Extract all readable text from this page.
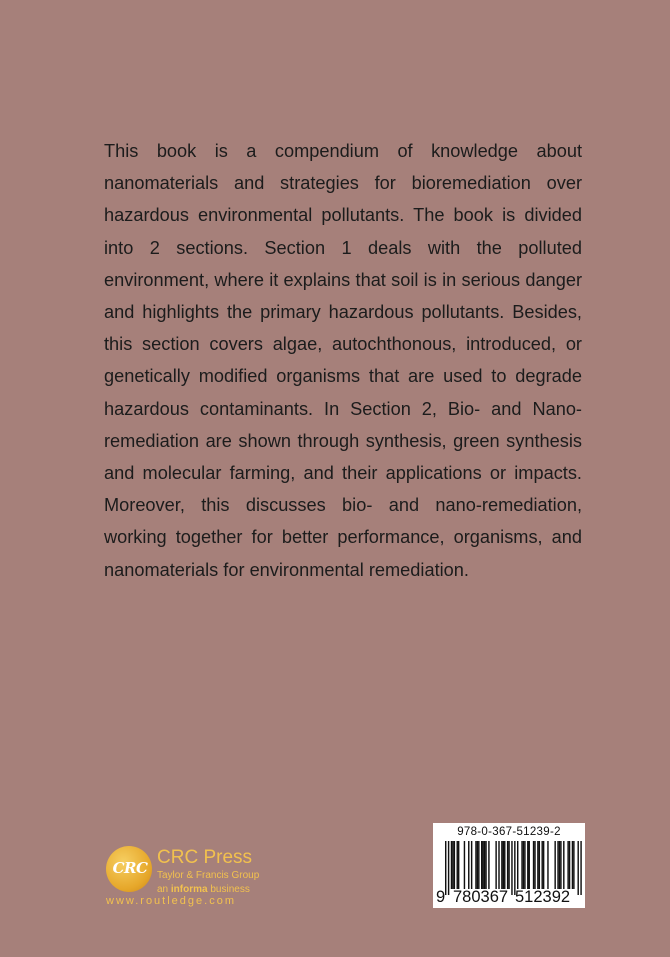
This book is a compendium of knowledge about nanomaterials and strategies for bioremediation over hazardous environmental pollutants. The book is divided into 2 sections. Section 1 deals with the polluted environment, where it explains that soil is in serious danger and highlights the primary hazardous pollutants. Besides, this section covers algae, autochthonous, introduced, or genetically modified organisms that are used to degrade hazardous contaminants. In Section 2, Bio- and Nano-remediation are shown through synthesis, green synthesis and molecular farming, and their applications or impacts. Moreover, this discusses bio- and nano-remediation, working together for better performance, organisms, and nanomaterials for environmental remediation.

CRC CRC Press
Taylor & Francis Group
an informa business
www.routledge.com
978-0-367-51239-2
9 780367 512392
